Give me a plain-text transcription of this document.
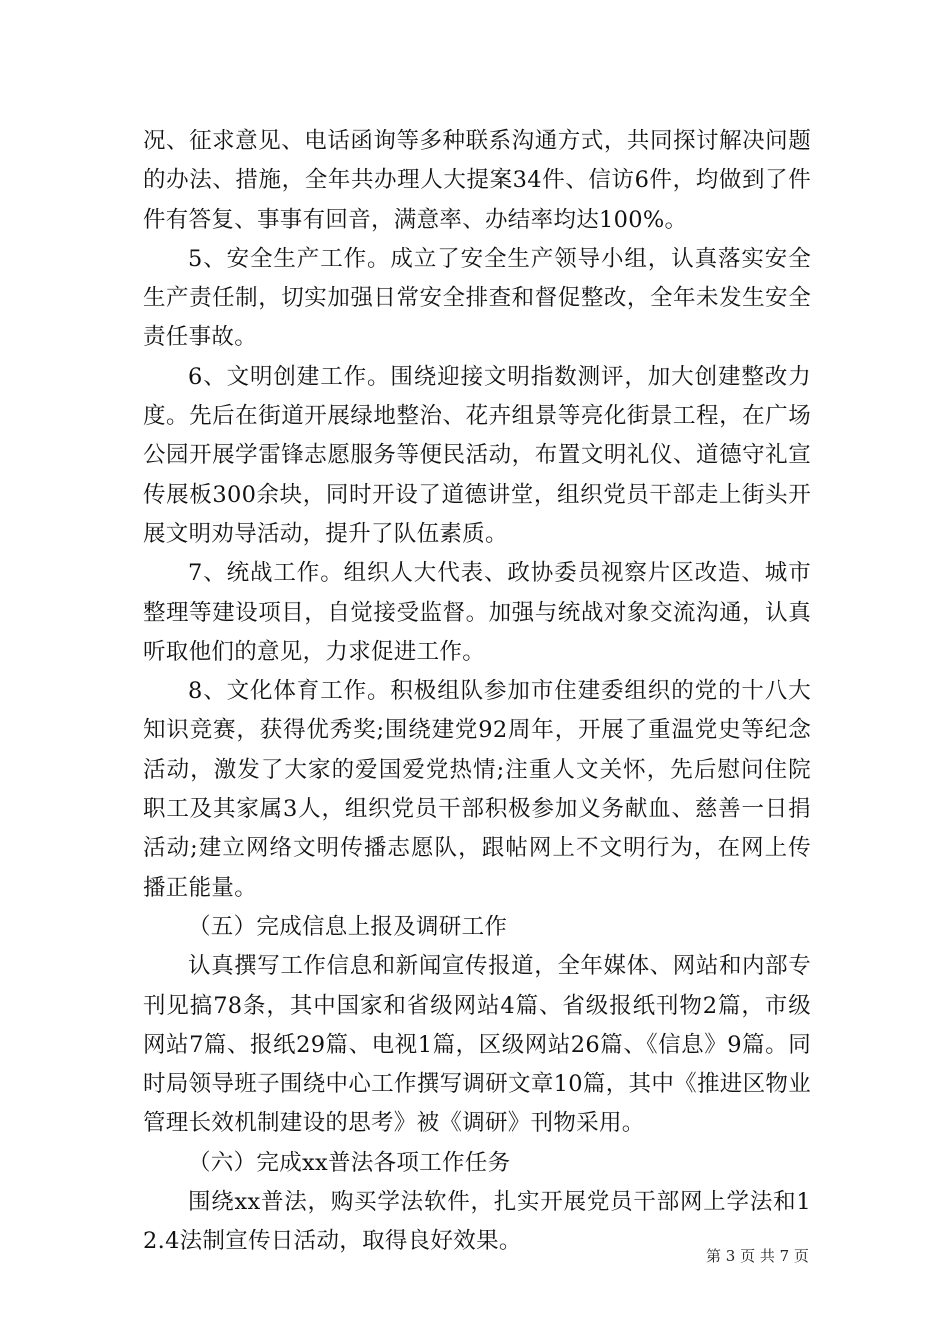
况、征求意见、电话函询等多种联系沟通方式，共同探讨解决问题的办法、措施，全年共办理人大提案34件、信访6件，均做到了件件有答复、事事有回音，满意率、办结率均达100%。

5、安全生产工作。成立了安全生产领导小组，认真落实安全生产责任制，切实加强日常安全排查和督促整改，全年未发生安全责任事故。

6、文明创建工作。围绕迎接文明指数测评，加大创建整改力度。先后在街道开展绿地整治、花卉组景等亮化街景工程，在广场公园开展学雷锋志愿服务等便民活动，布置文明礼仪、道德守礼宣传展板300余块，同时开设了道德讲堂，组织党员干部走上街头开展文明劝导活动，提升了队伍素质。

7、统战工作。组织人大代表、政协委员视察片区改造、城市整理等建设项目，自觉接受监督。加强与统战对象交流沟通，认真听取他们的意见，力求促进工作。

8、文化体育工作。积极组队参加市住建委组织的党的十八大知识竞赛，获得优秀奖;围绕建党92周年，开展了重温党史等纪念活动，激发了大家的爱国爱党热情;注重人文关怀，先后慰问住院职工及其家属3人，组织党员干部积极参加义务献血、慈善一日捐活动;建立网络文明传播志愿队，跟帖网上不文明行为，在网上传播正能量。

（五）完成信息上报及调研工作

认真撰写工作信息和新闻宣传报道，全年媒体、网站和内部专刊见搞78条，其中国家和省级网站4篇、省级报纸刊物2篇，市级网站7篇、报纸29篇、电视1篇，区级网站26篇、《信息》9篇。同时局领导班子围绕中心工作撰写调研文章10篇，其中《推进区物业管理长效机制建设的思考》被《调研》刊物采用。

（六）完成xx普法各项工作任务

围绕xx普法，购买学法软件，扎实开展党员干部网上学法和12.4法制宣传日活动，取得良好效果。

第 3 页 共 7 页
